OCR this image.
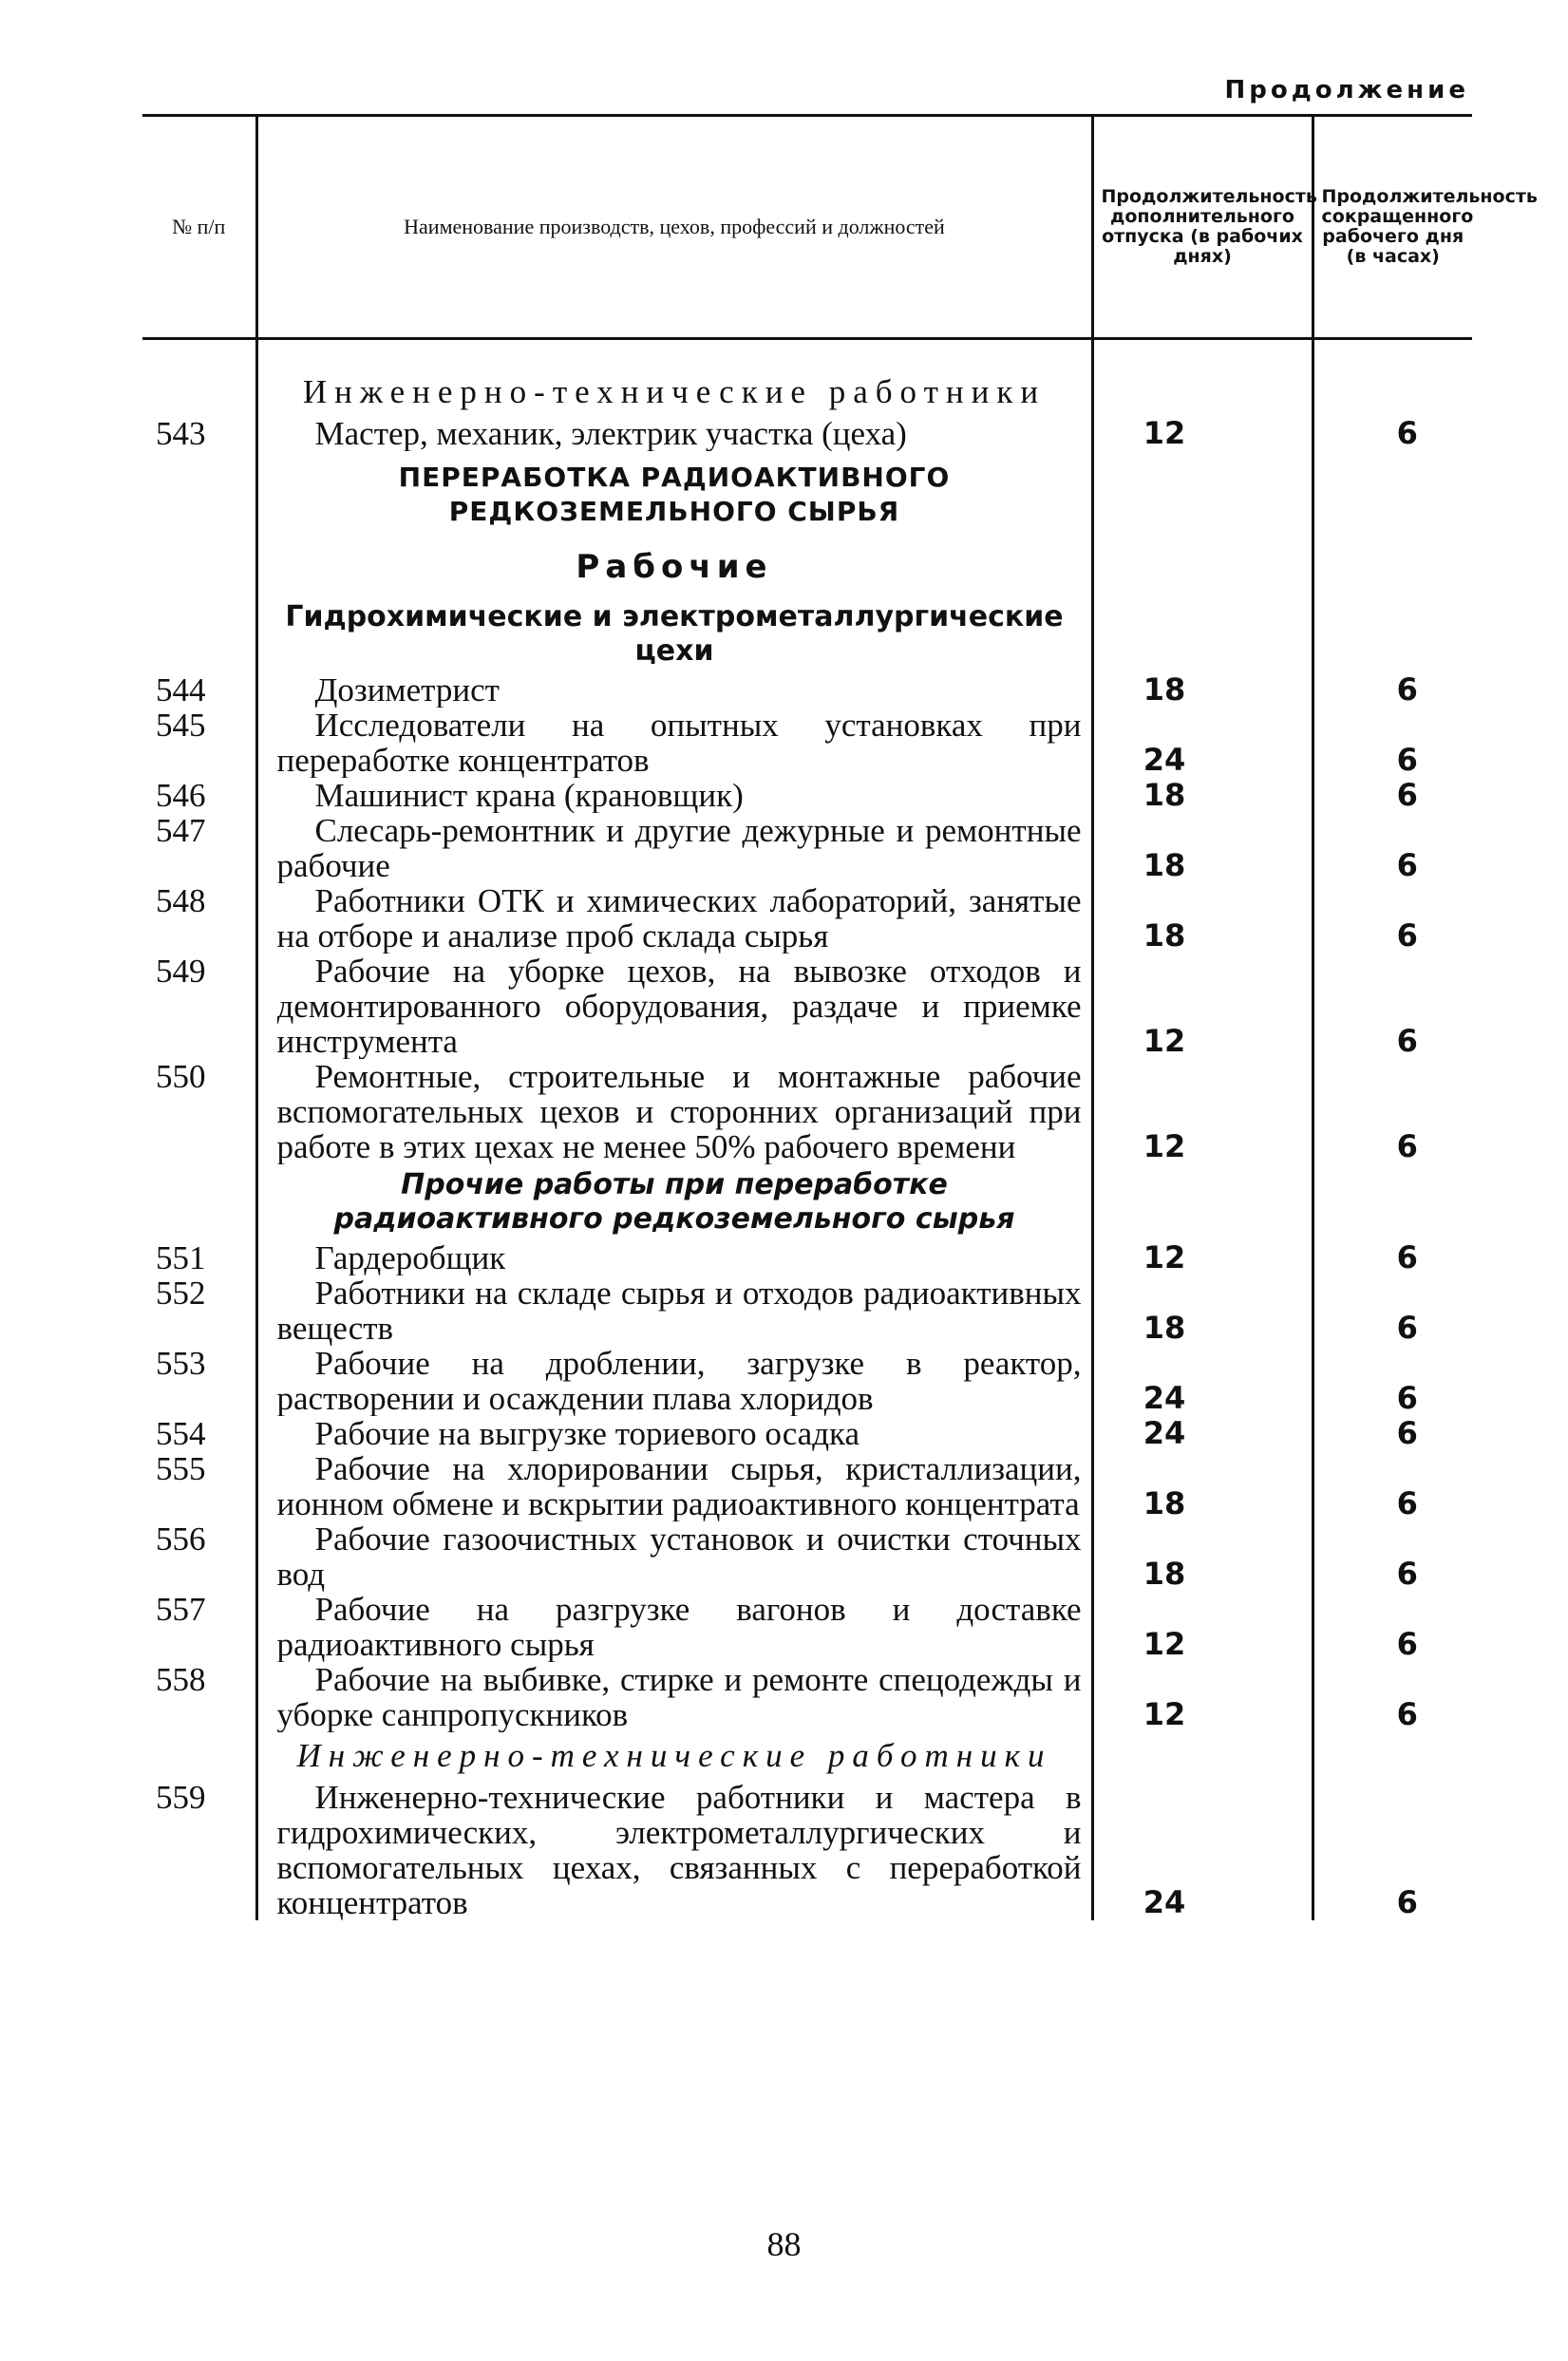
Продолжение
№ п/п	Наименование производств, цехов, профессий и должностей	Продолжительность дополнительного отпуска (в рабочих днях)	Продолжительность сокращенного рабочего дня (в часах)

	Инженерно-технические работники		

543	Мастер, механик, электрик участка (цеха)	12	6

	ПЕРЕРАБОТКА РАДИОАКТИВНОГО РЕДКОЗЕМЕЛЬНОГО СЫРЬЯ		

	Рабочие		

	Гидрохимические и электрометаллургические цехи		

544	Дозиметрист	18	6
545	Исследователи на опытных установках при переработке концентратов	24	6
546	Машинист крана (крановщик)	18	6
547	Слесарь-ремонтник и другие дежурные и ремонтные рабочие	18	6
548	Работники ОТК и химических лабораторий, занятые на отборе и анализе проб склада сырья	18	6
549	Рабочие на уборке цехов, на вывозке отходов и демонтированного оборудования, раздаче и приемке инструмента	12	6
550	Ремонтные, строительные и монтажные рабочие вспомогательных цехов и сторонних организаций при работе в этих цехах не менее 50% рабочего времени	12	6

	Прочие работы при переработке радиоактивного редкоземельного сырья		

551	Гардеробщик	12	6
552	Работники на складе сырья и отходов радиоактивных веществ	18	6
553	Рабочие на дроблении, загрузке в реактор, растворении и осаждении плава хлоридов	24	6
554	Рабочие на выгрузке ториевого осадка	24	6
555	Рабочие на хлорировании сырья, кристаллизации, ионном обмене и вскрытии радиоактивного концентрата	18	6
556	Рабочие газоочистных установок и очистки сточных вод	18	6
557	Рабочие на разгрузке вагонов и доставке радиоактивного сырья	12	6
558	Рабочие на выбивке, стирке и ремонте спецодежды и уборке санпропускников	12	6

	Инженерно-технические работники		

559	Инженерно-технические работники и мастера в гидрохимических, электрометаллургических и вспомогательных цехах, связанных с переработкой концентратов	24	6
88
